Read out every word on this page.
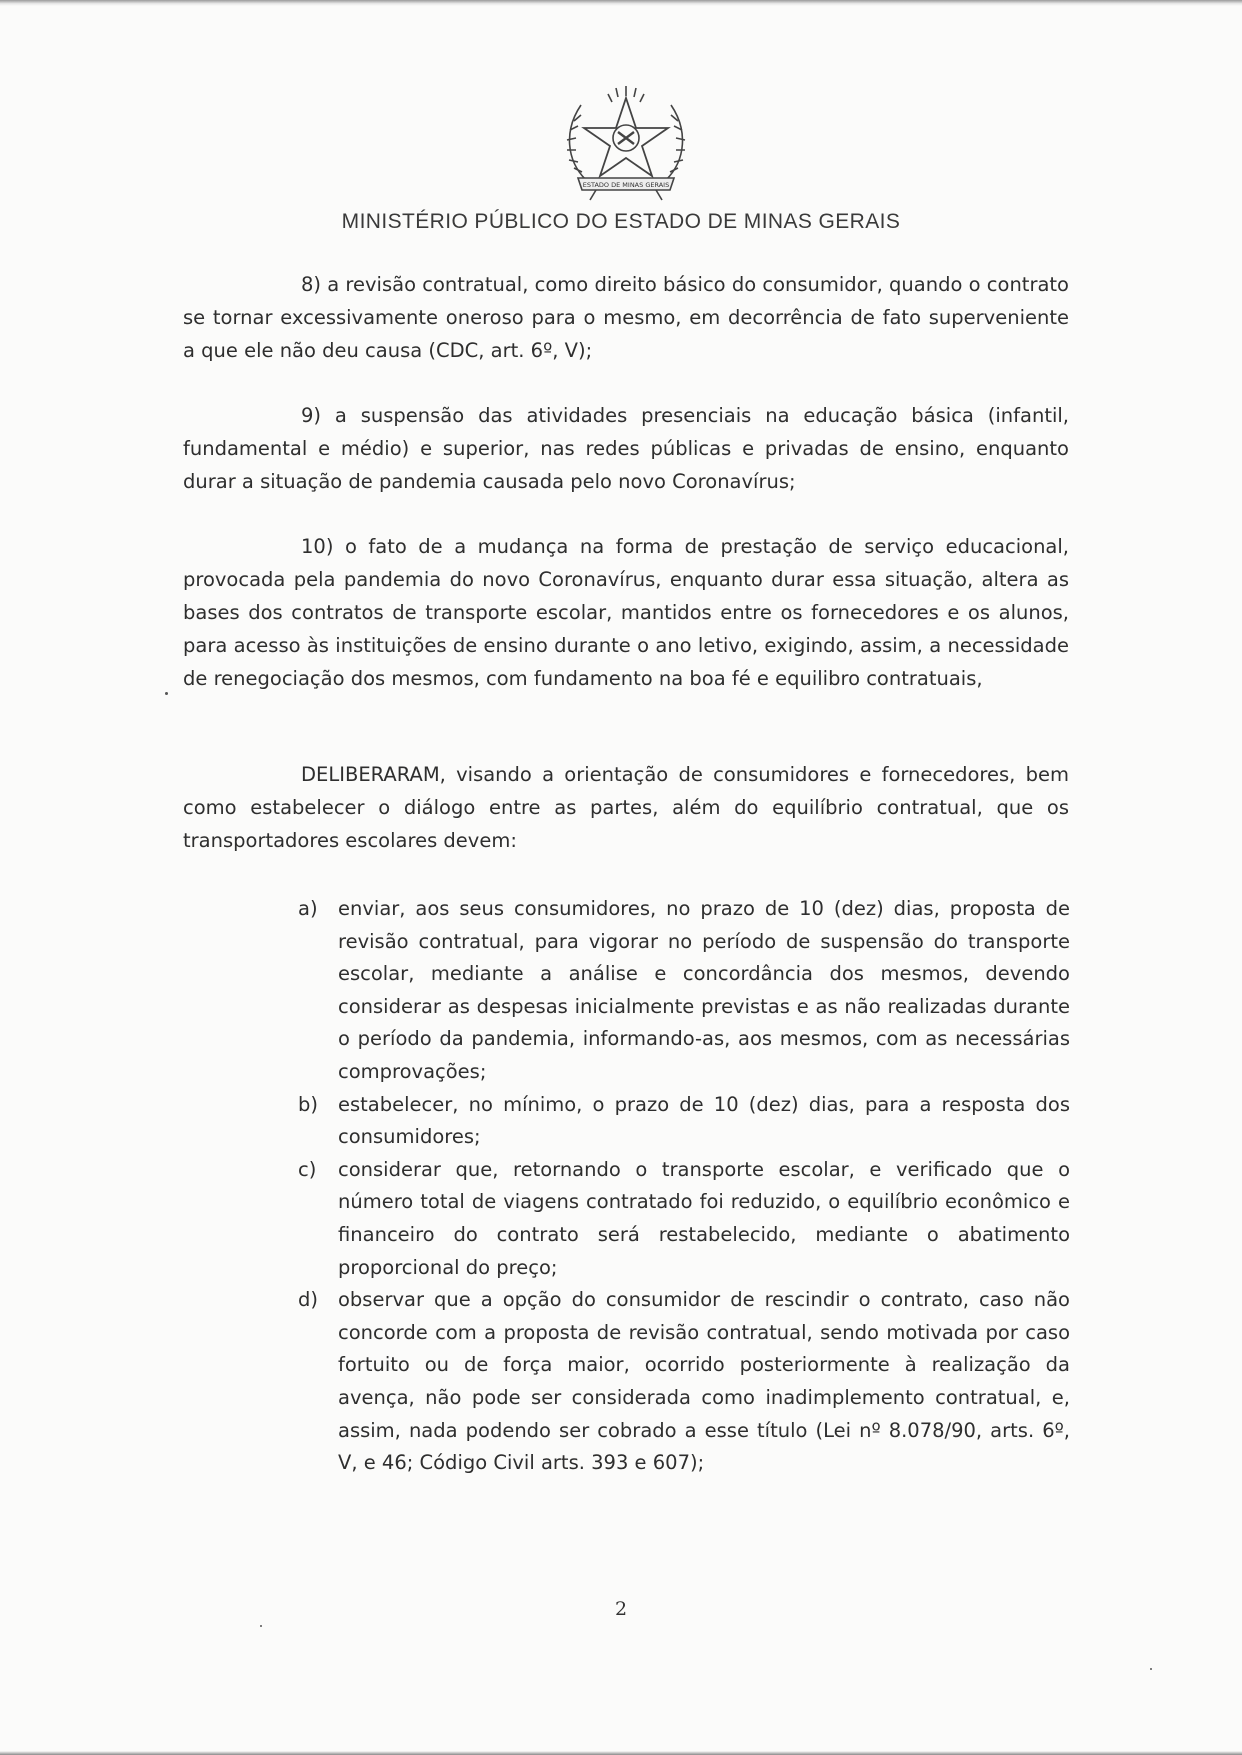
ESTADO DE MINAS GERAIS
MINISTÉRIO PÚBLICO DO ESTADO DE MINAS GERAIS

8) a revisão contratual, como direito básico do consumidor, quando o contrato se tornar excessivamente oneroso para o mesmo, em decorrência de fato superveniente a que ele não deu causa (CDC, art. 6º, V);

9) a suspensão das atividades presenciais na educação básica (infantil, fundamental e médio) e superior, nas redes públicas e privadas de ensino, enquanto durar a situação de pandemia causada pelo novo Coronavírus;

10) o fato de a mudança na forma de prestação de serviço educacional, provocada pela pandemia do novo Coronavírus, enquanto durar essa situação, altera as bases dos contratos de transporte escolar, mantidos entre os fornecedores e os alunos, para acesso às instituições de ensino durante o ano letivo, exigindo, assim, a necessidade de renegociação dos mesmos, com fundamento na boa fé e equilibro contratuais,

DELIBERARAM, visando a orientação de consumidores e fornecedores, bem como estabelecer o diálogo entre as partes, além do equilíbrio contratual, que os transportadores escolares devem:

a) enviar, aos seus consumidores, no prazo de 10 (dez) dias, proposta de revisão contratual, para vigorar no período de suspensão do transporte escolar, mediante a análise e concordância dos mesmos, devendo considerar as despesas inicialmente previstas e as não realizadas durante o período da pandemia, informando-as, aos mesmos, com as necessárias comprovações;
b) estabelecer, no mínimo, o prazo de 10 (dez) dias, para a resposta dos consumidores;
c) considerar que, retornando o transporte escolar, e verificado que o número total de viagens contratado foi reduzido, o equilíbrio econômico e financeiro do contrato será restabelecido, mediante o abatimento proporcional do preço;
d) observar que a opção do consumidor de rescindir o contrato, caso não concorde com a proposta de revisão contratual, sendo motivada por caso fortuito ou de força maior, ocorrido posteriormente à realização da avença, não pode ser considerada como inadimplemento contratual, e, assim, nada podendo ser cobrado a esse título (Lei nº 8.078/90, arts. 6º, V, e 46; Código Civil arts. 393 e 607);
2
